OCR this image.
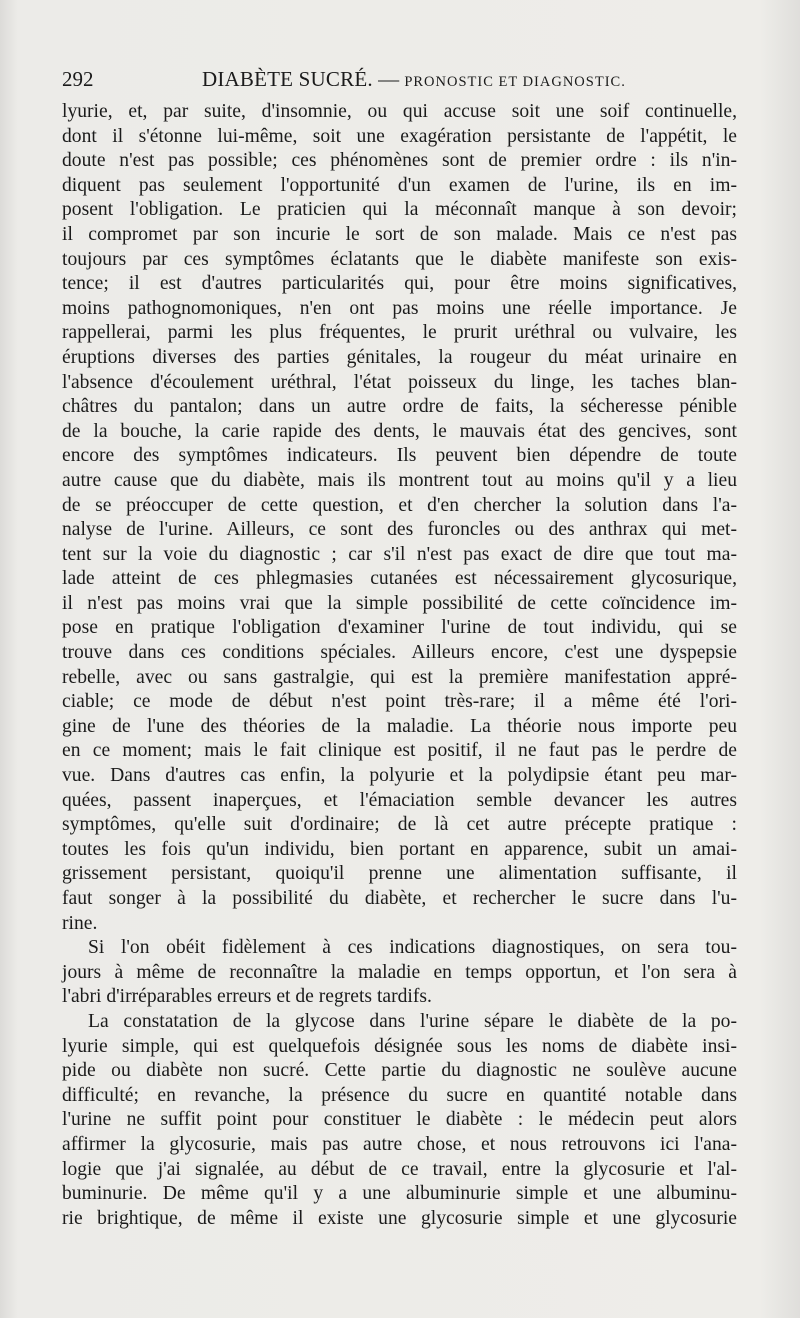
292	DIABÈTE SUCRÉ. — PRONOSTIC ET DIAGNOSTIC.
lyurie, et, par suite, d'insomnie, ou qui accuse soit une soif continuelle,
dont il s'étonne lui-même, soit une exagération persistante de l'appétit, le
doute n'est pas possible; ces phénomènes sont de premier ordre : ils n'in-
diquent pas seulement l'opportunité d'un examen de l'urine, ils en im-
posent l'obligation. Le praticien qui la méconnaît manque à son devoir;
il compromet par son incurie le sort de son malade. Mais ce n'est pas
toujours par ces symptômes éclatants que le diabète manifeste son exis-
tence; il est d'autres particularités qui, pour être moins significatives,
moins pathognomoniques, n'en ont pas moins une réelle importance. Je
rappellerai, parmi les plus fréquentes, le prurit uréthral ou vulvaire, les
éruptions diverses des parties génitales, la rougeur du méat urinaire en
l'absence d'écoulement uréthral, l'état poisseux du linge, les taches blan-
châtres du pantalon; dans un autre ordre de faits, la sécheresse pénible
de la bouche, la carie rapide des dents, le mauvais état des gencives, sont
encore des symptômes indicateurs. Ils peuvent bien dépendre de toute
autre cause que du diabète, mais ils montrent tout au moins qu'il y a lieu
de se préoccuper de cette question, et d'en chercher la solution dans l'a-
nalyse de l'urine. Ailleurs, ce sont des furoncles ou des anthrax qui met-
tent sur la voie du diagnostic ; car s'il n'est pas exact de dire que tout ma-
lade atteint de ces phlegmasies cutanées est nécessairement glycosurique,
il n'est pas moins vrai que la simple possibilité de cette coïncidence im-
pose en pratique l'obligation d'examiner l'urine de tout individu, qui se
trouve dans ces conditions spéciales. Ailleurs encore, c'est une dyspepsie
rebelle, avec ou sans gastralgie, qui est la première manifestation appré-
ciable; ce mode de début n'est point très-rare; il a même été l'ori-
gine de l'une des théories de la maladie. La théorie nous importe peu
en ce moment; mais le fait clinique est positif, il ne faut pas le perdre de
vue. Dans d'autres cas enfin, la polyurie et la polydipsie étant peu mar-
quées, passent inaperçues, et l'émaciation semble devancer les autres
symptômes, qu'elle suit d'ordinaire; de là cet autre précepte pratique :
toutes les fois qu'un individu, bien portant en apparence, subit un amai-
grissement persistant, quoiqu'il prenne une alimentation suffisante, il
faut songer à la possibilité du diabète, et rechercher le sucre dans l'u-
rine.
Si l'on obéit fidèlement à ces indications diagnostiques, on sera tou-
jours à même de reconnaître la maladie en temps opportun, et l'on sera à
l'abri d'irréparables erreurs et de regrets tardifs.
La constatation de la glycose dans l'urine sépare le diabète de la po-
lyurie simple, qui est quelquefois désignée sous les noms de diabète insi-
pide ou diabète non sucré. Cette partie du diagnostic ne soulève aucune
difficulté; en revanche, la présence du sucre en quantité notable dans
l'urine ne suffit point pour constituer le diabète : le médecin peut alors
affirmer la glycosurie, mais pas autre chose, et nous retrouvons ici l'ana-
logie que j'ai signalée, au début de ce travail, entre la glycosurie et l'al-
buminurie. De même qu'il y a une albuminurie simple et une albuminu-
rie brightique, de même il existe une glycosurie simple et une glycosurie
